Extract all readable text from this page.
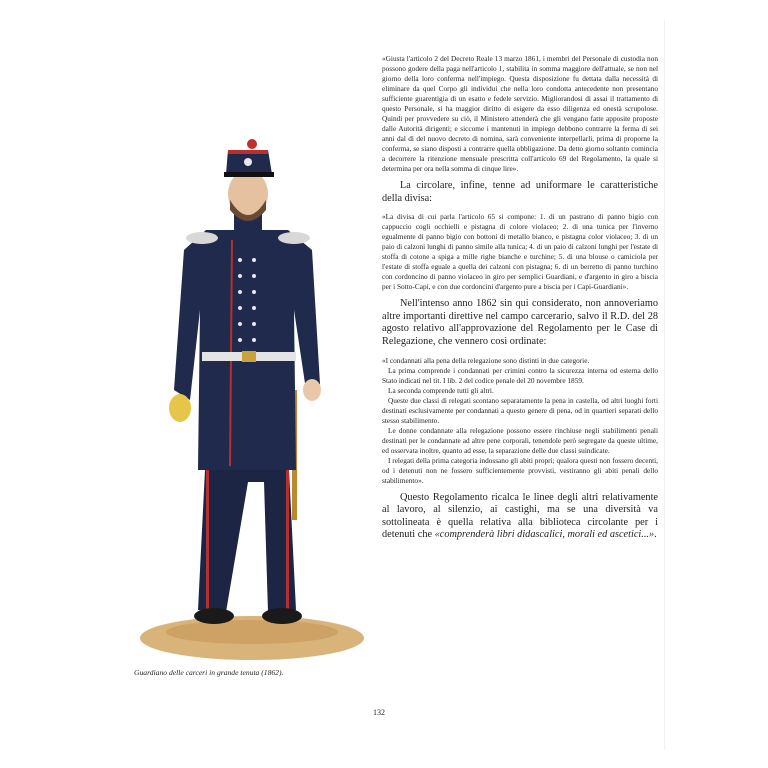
Guardiano delle carceri in grande tenuta (1862).
«Giusta l'articolo 2 del Decreto Reale 13 marzo 1861, i membri del Personale di custodia non possono godere della paga nell'articolo 1, stabilita in somma maggiore dell'attuale, se non nel giorno della loro conferma nell'impiego. Questa disposizione fu dettata dalla necessità di eliminare da quel Corpo gli individui che nella loro condotta antecedente non presentano sufficiente guarentigia di un esatto e fedele servizio. Migliorandosi di assai il trattamento di questo Personale, si ha maggior diritto di esigere da esso diligenza ed onestà scrupolose. Quindi per provvedere su ciò, il Ministero attenderà che gli vengano fatte apposite proposte dalle Autorità dirigenti; e siccome i mantenuti in impiego debbono contrarre la ferma di sei anni dal dì del nuovo decreto di nomina, sarà conveniente interpellarli, prima di proporne la conferma, se siano disposti a contrarre quella obbligazione. Da detto giorno soltanto comincia a decorrere la ritenzione mensuale prescritta coll'articolo 69 del Regolamento, la quale si determina per ora nella somma di cinque lire».
La circolare, infine, tenne ad uniformare le caratteristiche della divisa:
«La divisa di cui parla l'articolo 65 si compone: 1. di un pastrano di panno bigio con cappuccio cogli occhielli e pistagna di colore violaceo; 2. di una tunica per l'inverno egualmente di panno bigio con bottoni di metallo bianco, e pistagna color violaceo; 3. di un paio di calzoni lunghi di panno simile alla tunica; 4. di un paio di calzoni lunghi per l'estate di stoffa di cotone a spiga a mille righe bianche e turchine; 5. di una blouse o camiciola per l'estate di stoffa eguale a quella dei calzoni con pistagna; 6. di un berretto di panno turchino con cordoncino di panno violaceo in giro per semplici Guardiani, e d'argento in giro a biscia per i Sotto-Capi, e con due cordoncini d'argento pure a biscia per i Capi-Guardiani».
Nell'intenso anno 1862 sin qui considerato, non annoveriamo altre importanti direttive nel campo carcerario, salvo il R.D. del 28 agosto relativo all'approvazione del Regolamento per le Case di Relegazione, che vennero così ordinate:

«I condannati alla pena della relegazione sono distinti in due categorie.

La prima comprende i condannati per crimini contro la sicurezza interna od esterna dello Stato indicati nel tit. I lib. 2 del codice penale del 20 novembre 1859.

La seconda comprende tutti gli altri.

Queste due classi di relegati scontano separatamente la pena in castella, od altri luoghi forti destinati esclusivamente per condannati a questo genere di pena, od in quartieri separati dello stesso stabilimento.

Le donne condannate alla relegazione possono essere rinchiuse negli stabilimenti penali destinati per le condannate ad altre pene corporali, tenendole però segregate da queste ultime, ed osservata inoltre, quanto ad esse, la separazione delle due classi suindicate.

I relegati della prima categoria indossano gli abiti propri; qualora questi non fossero decenti, od i detenuti non ne fossero sufficientemente provvisti, vestiranno gli abiti penali dello stabilimento».

Questo Regolamento ricalca le linee degli altri relativamente al lavoro, al silenzio, ai castighi, ma se una diversità va sottolineata è quella relativa alla biblioteca circolante per i detenuti che «comprenderà libri didascalici, morali ed ascetici...».
132
